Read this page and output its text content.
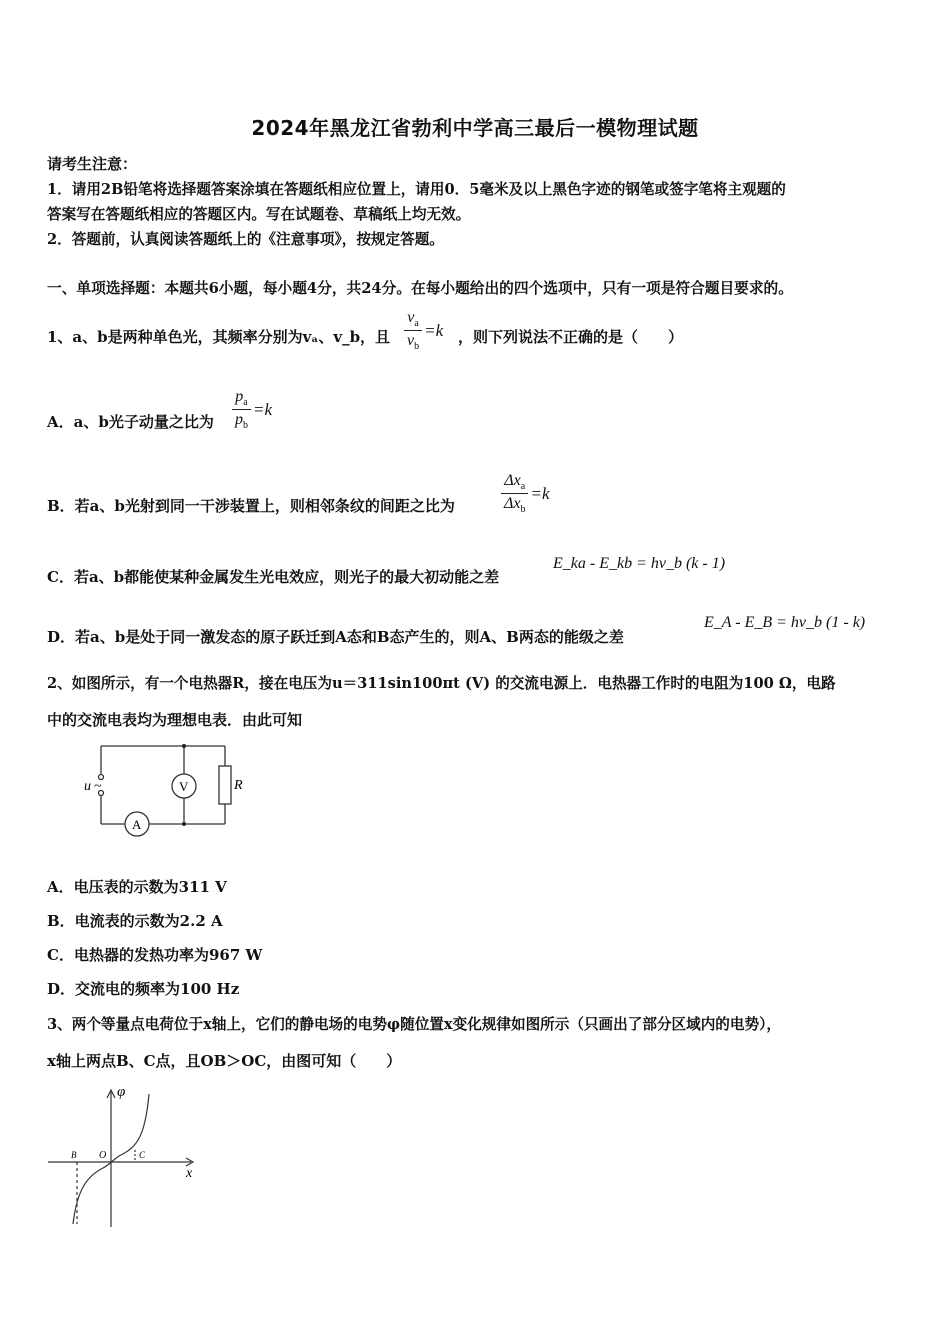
2024年黑龙江省勃利中学高三最后一模物理试题
请考生注意：
1．请用2B铅笔将选择题答案涂填在答题纸相应位置上，请用0．5毫米及以上黑色字迹的钢笔或签字笔将主观题的
答案写在答题纸相应的答题区内。写在试题卷、草稿纸上均无效。
2．答题前，认真阅读答题纸上的《注意事项》，按规定答题。
一、单项选择题：本题共6小题，每小题4分，共24分。在每小题给出的四个选项中，只有一项是符合题目要求的。
1、a、b是两种单色光，其频率分别为vₐ、v_b，且 $\frac{v_a}{v_b} =k$ ，则下列说法不正确的是（　　）
A．a、b光子动量之比为 $\frac{p_a}{p_b} =k$
B．若a、b光射到同一干涉装置上，则相邻条纹的间距之比为	$\frac{\Delta x_a}{\Delta x_b} =k$
C．若a、b都能使某种金属发生光电效应，则光子的最大初动能之差
E_ka - E_kb = hv_b (k - 1)
D．若a、b是处于同一激发态的原子跃迁到A态和B态产生的，则A、B两态的能级之差
E_A - E_B = hv_b (1 - k)
2、如图所示，有一个电热器R，接在电压为u＝311sin100πt (V) 的交流电源上．电热器工作时的电阻为100 Ω，电路
中的交流电表均为理想电表．由此可知
u ~	V
A
R
A．电压表的示数为311 V
B．电流表的示数为2.2 A
C．电热器的发热功率为967 W
D．交流电的频率为100 Hz
3、两个等量点电荷位于x轴上，它们的静电场的电势φ随位置x变化规律如图所示（只画出了部分区域内的电势），
x轴上两点B、C点，且OB＞OC，由图可知（　　）
φ
x
B O	C
